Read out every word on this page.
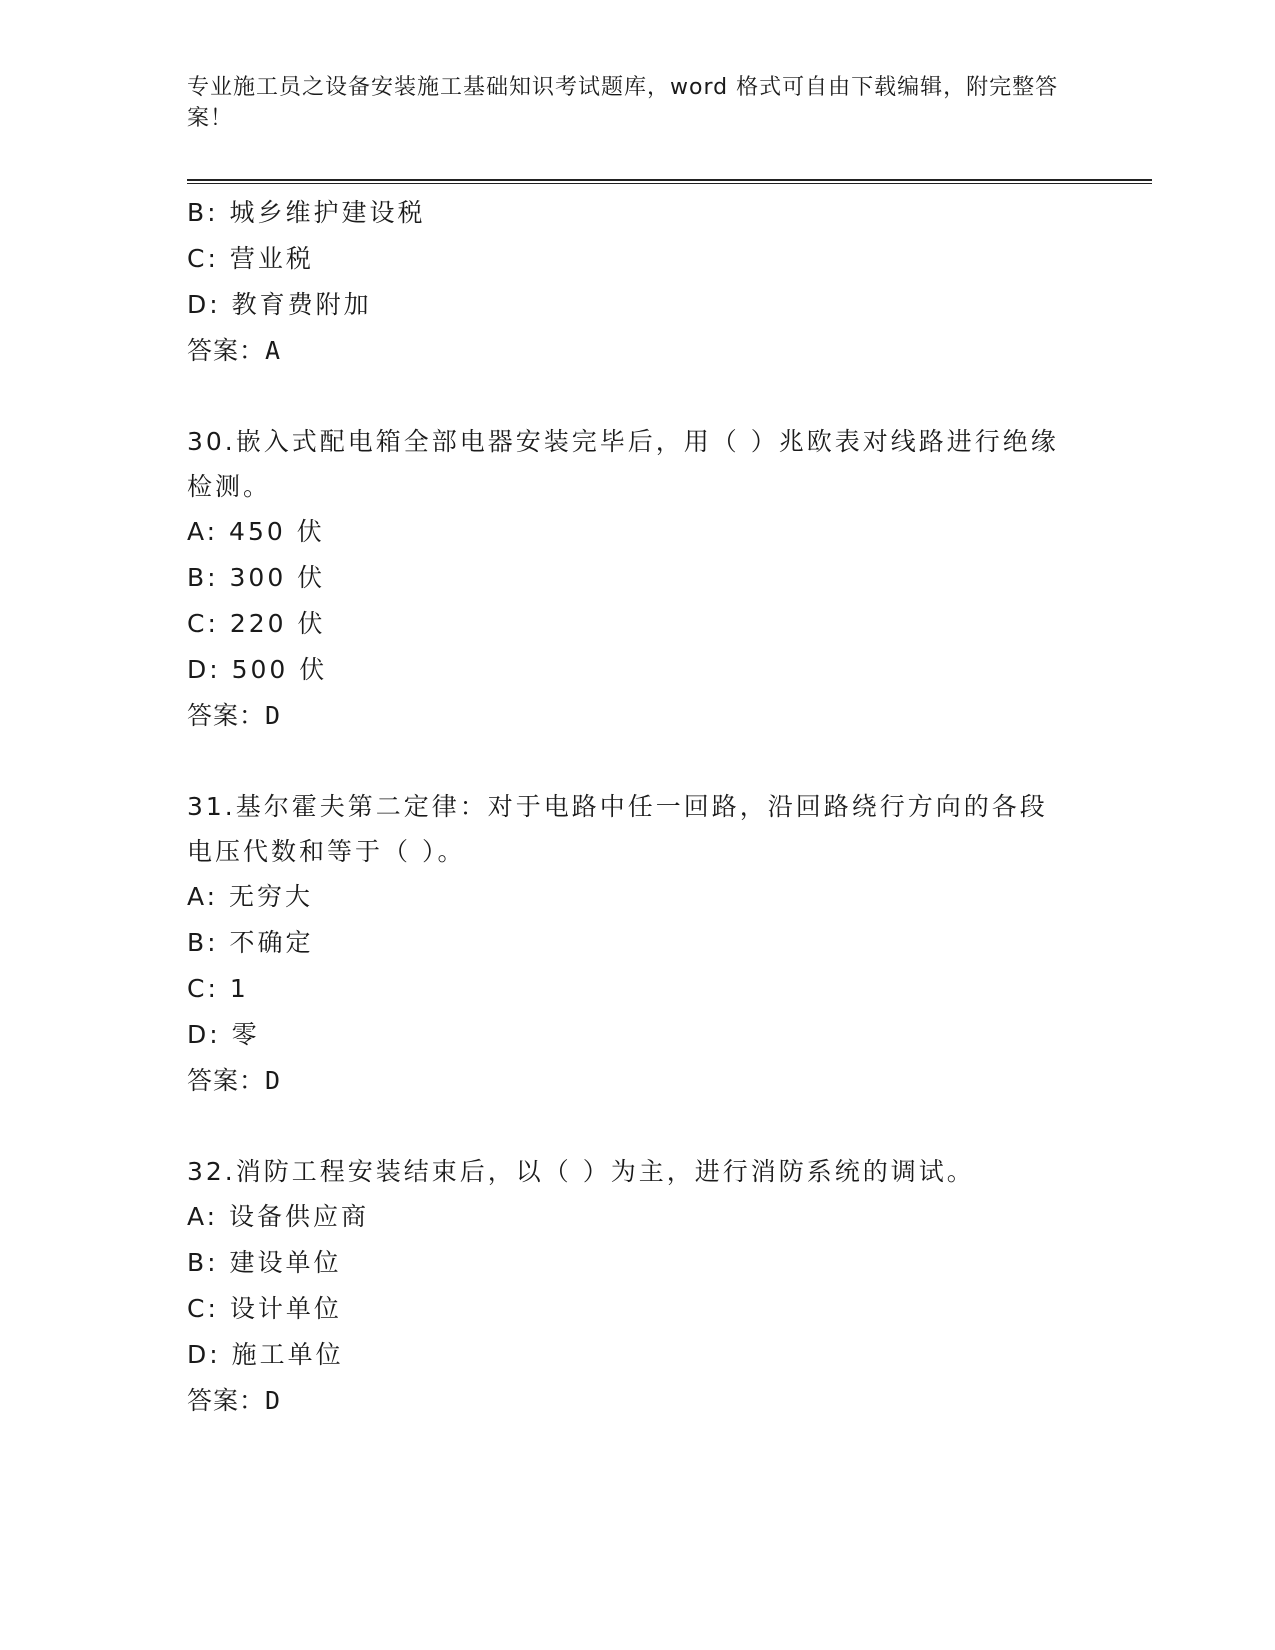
专业施工员之设备安装施工基础知识考试题库，word 格式可自由下载编辑，附完整答案！
B: 城乡维护建设税
C: 营业税
D: 教育费附加
答案：A
30.嵌入式配电箱全部电器安装完毕后，用（ ）兆欧表对线路进行绝缘检测。
A: 450 伏
B: 300 伏
C: 220 伏
D: 500 伏
答案：D
31.基尔霍夫第二定律：对于电路中任一回路，沿回路绕行方向的各段电压代数和等于（ ）。
A: 无穷大
B: 不确定
C: 1
D: 零
答案：D
32.消防工程安装结束后，以（ ）为主，进行消防系统的调试。
A: 设备供应商
B: 建设单位
C: 设计单位
D: 施工单位
答案：D
